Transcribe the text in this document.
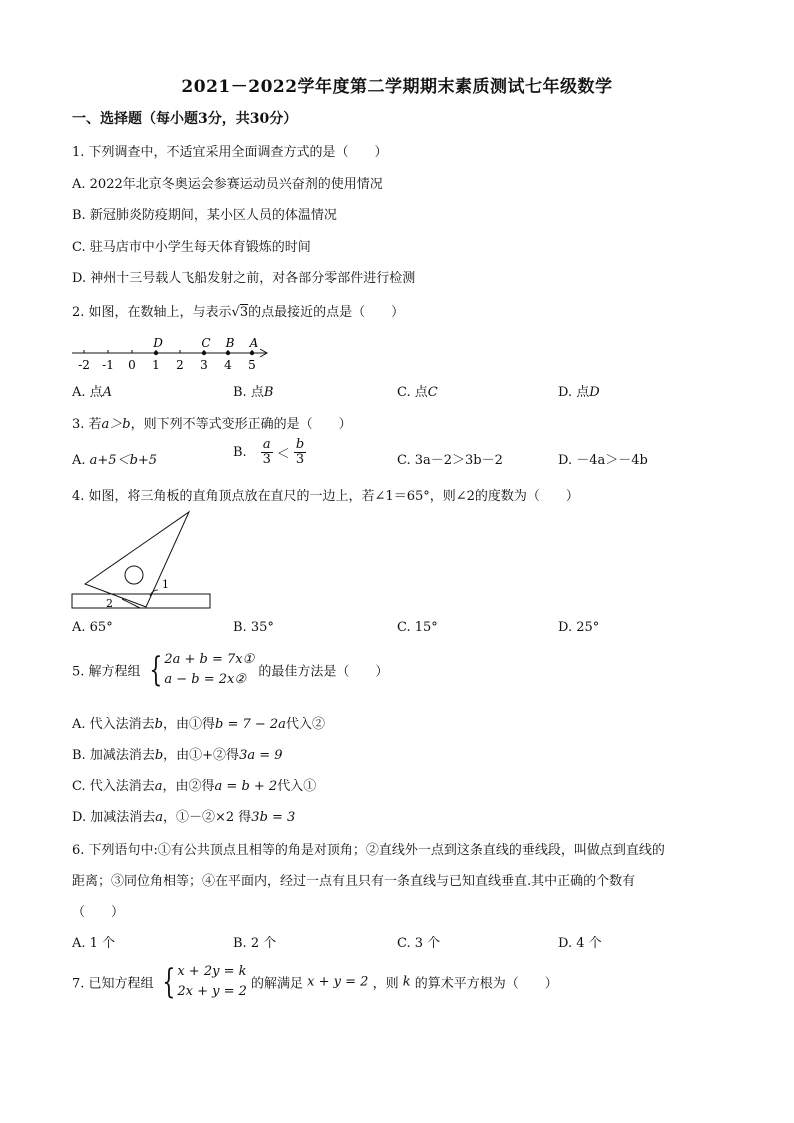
2021－2022学年度第二学期期末素质测试七年级数学
一、选择题（每小题3分，共30分）
1. 下列调查中，不适宜采用全面调查方式的是（　　）
A. 2022年北京冬奥运会参赛运动员兴奋剂的使用情况
B. 新冠肺炎防疫期间，某小区人员的体温情况
C. 驻马店市中小学生每天体育锻炼的时间
D. 神州十三号载人飞船发射之前，对各部分零部件进行检测
2. 如图，在数轴上，与表示√3的点最接近的点是（　　）
-2 -1 0 1 2 3 4 5
D	C B A
A. 点A	B. 点B	C. 点C	D. 点D
3. 若a＞b，则下列不等式变形正确的是（　　）
A. a+5＜b+5
B. $\frac{a}{3} < \frac{b}{3}$	C. 3a－2＞3b－2	D. －4a＞－4b
4. 如图，将三角板的直角顶点放在直尺的一边上，若∠1＝65°，则∠2的度数为（　　）
1
2
A. 65°	B. 35°	C. 15°	D. 25°
5. 解方程组 { 2a + b = 7x①
a − b = 2x② 的最佳方法是（　　）
A. 代入法消去b，由①得b = 7 − 2a代入②
B. 加减法消去b，由①+②得3a = 9
C. 代入法消去a，由②得a = b + 2代入①
D. 加减法消去a，①－②×2 得3b = 3
6. 下列语句中:①有公共顶点且相等的角是对顶角；②直线外一点到这条直线的垂线段，叫做点到直线的
距离；③同位角相等；④在平面内，经过一点有且只有一条直线与已知直线垂直.其中正确的个数有
（　　）
A. 1 个	B. 2 个	C. 3 个	D. 4 个
7. 已知方程组 { x + 2y = k
2x + y = 2 的解满足 x + y = 2 ，则 k 的算术平方根为（　　）
